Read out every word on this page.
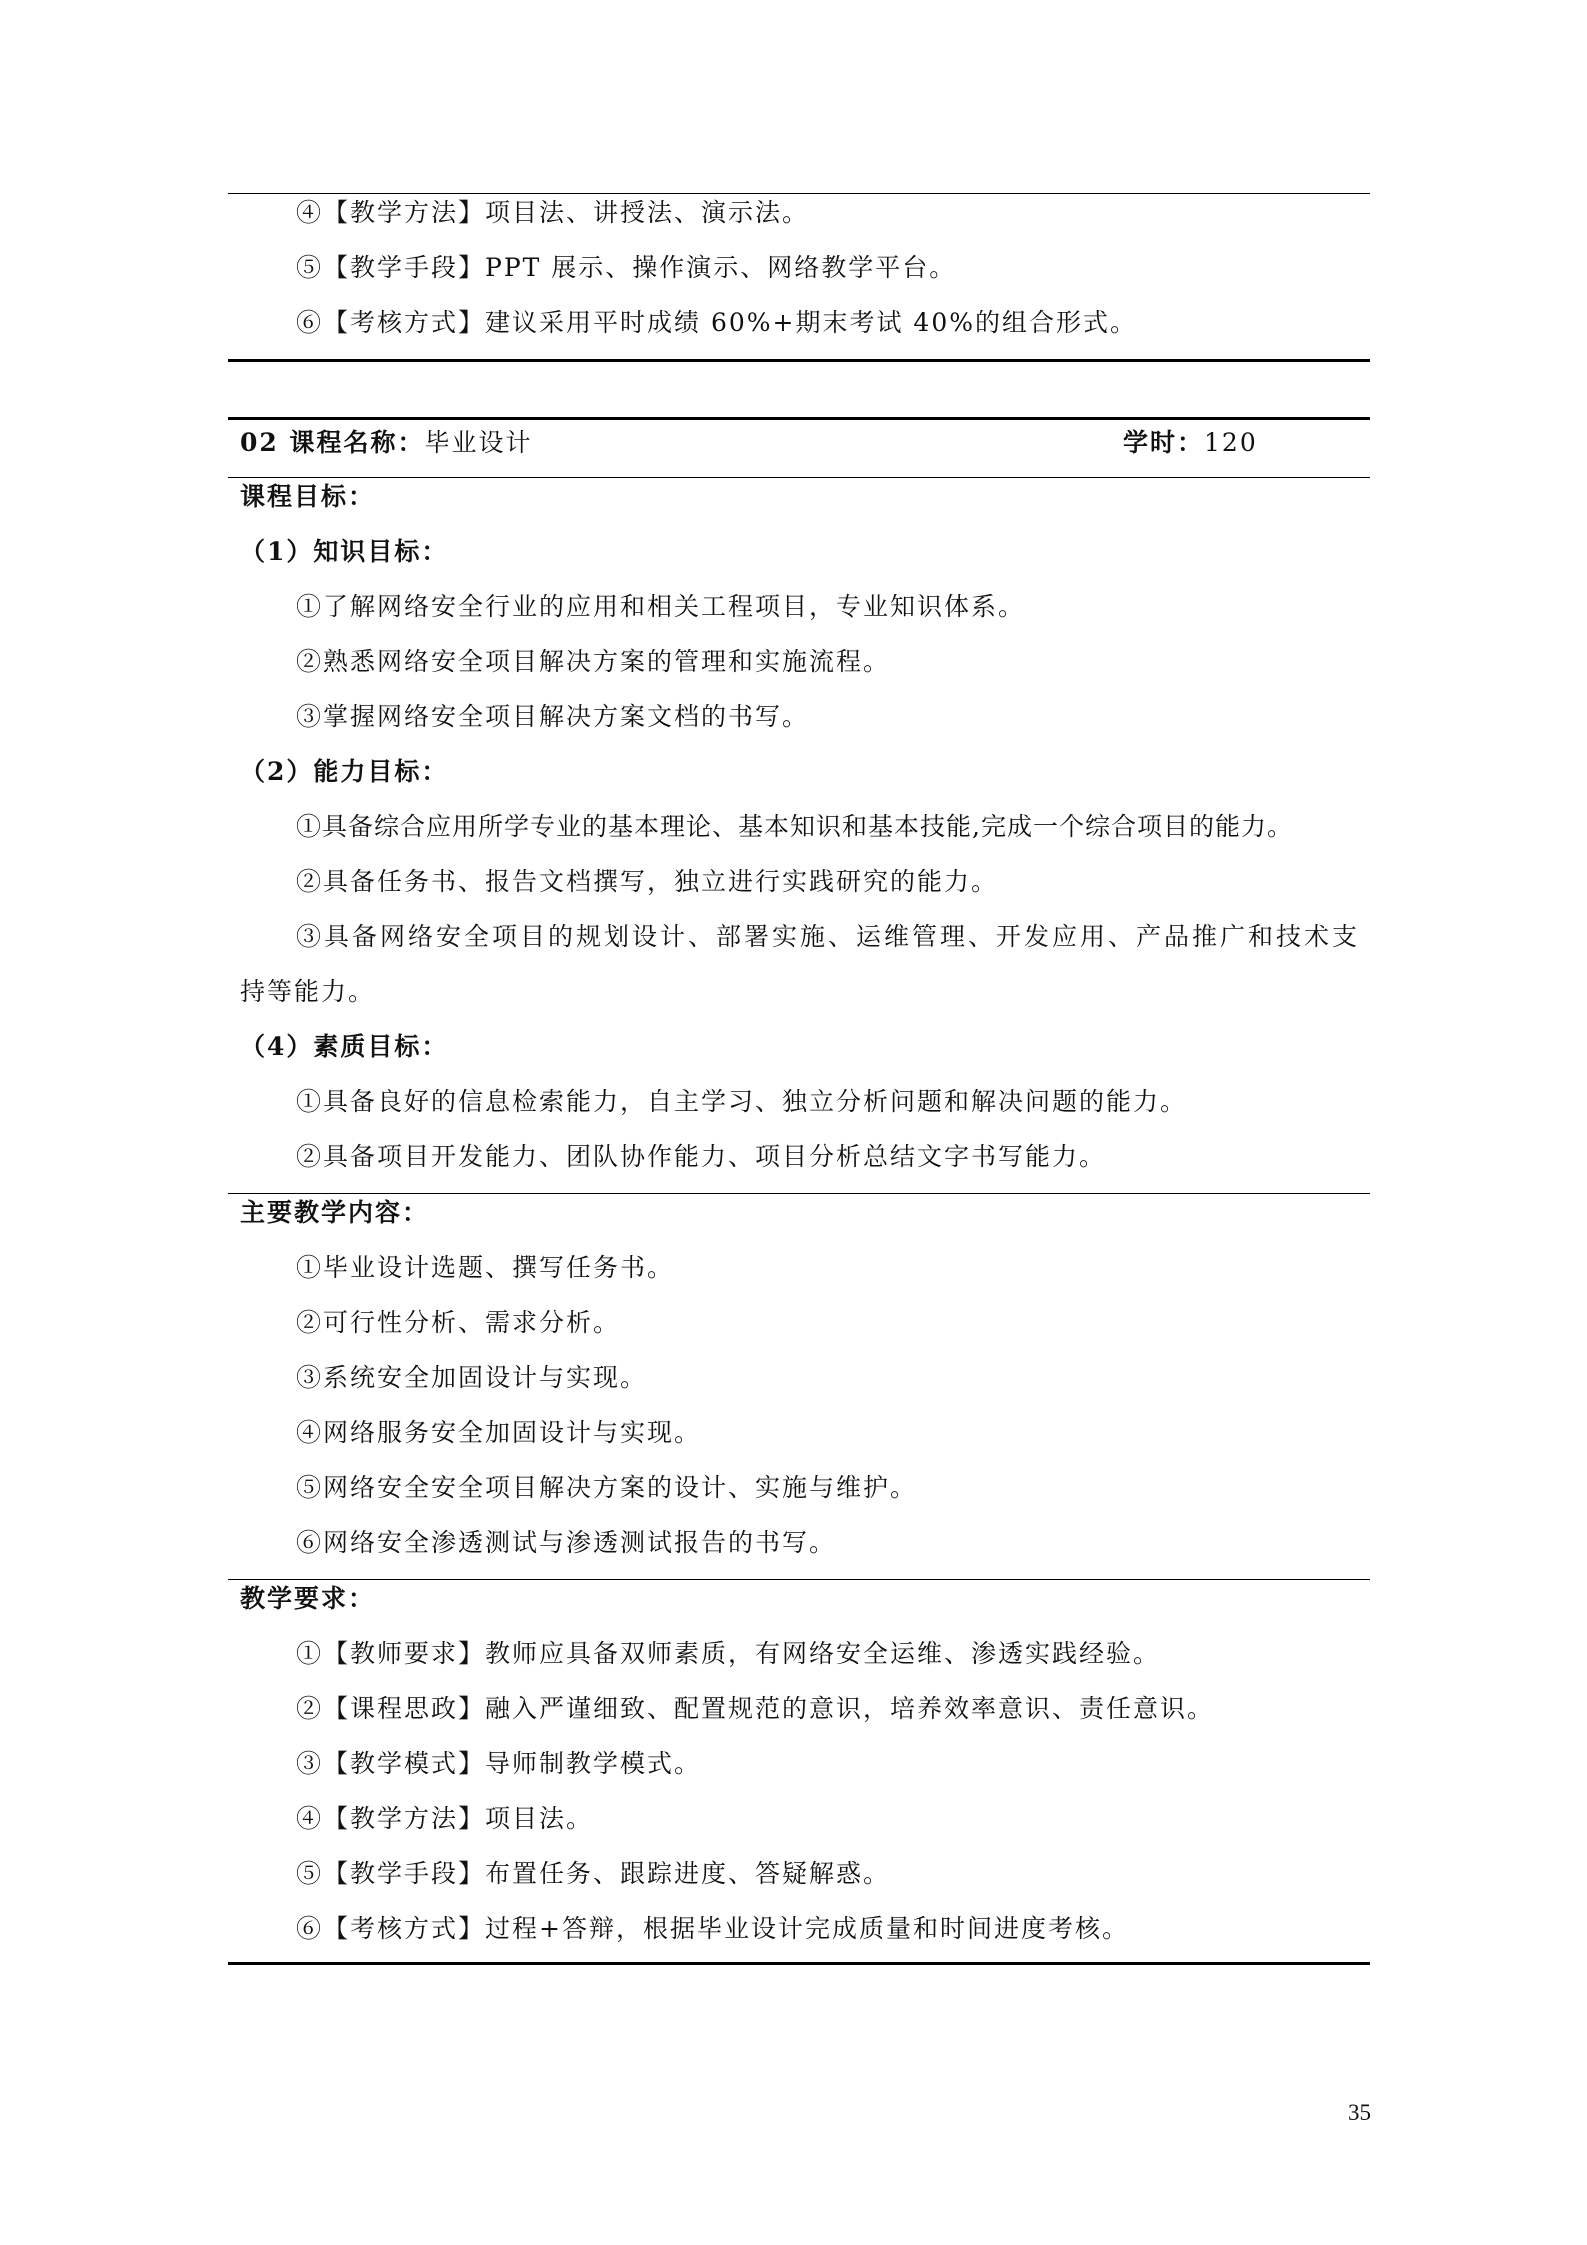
④【教学方法】项目法、讲授法、演示法。
⑤【教学手段】PPT 展示、操作演示、网络教学平台。
⑥【考核方式】建议采用平时成绩 60%+期末考试 40%的组合形式。
02 课程名称：毕业设计	学时：120
课程目标：
（1）知识目标：
①了解网络安全行业的应用和相关工程项目，专业知识体系。
②熟悉网络安全项目解决方案的管理和实施流程。
③掌握网络安全项目解决方案文档的书写。
（2）能力目标：
①具备综合应用所学专业的基本理论、基本知识和基本技能,完成一个综合项目的能力。
②具备任务书、报告文档撰写，独立进行实践研究的能力。
③具备网络安全项目的规划设计、部署实施、运维管理、开发应用、产品推广和技术支
持等能力。
（4）素质目标：
①具备良好的信息检索能力，自主学习、独立分析问题和解决问题的能力。
②具备项目开发能力、团队协作能力、项目分析总结文字书写能力。
主要教学内容：
①毕业设计选题、撰写任务书。
②可行性分析、需求分析。
③系统安全加固设计与实现。
④网络服务安全加固设计与实现。
⑤网络安全安全项目解决方案的设计、实施与维护。
⑥网络安全渗透测试与渗透测试报告的书写。
教学要求：
①【教师要求】教师应具备双师素质，有网络安全运维、渗透实践经验。
②【课程思政】融入严谨细致、配置规范的意识，培养效率意识、责任意识。
③【教学模式】导师制教学模式。
④【教学方法】项目法。
⑤【教学手段】布置任务、跟踪进度、答疑解惑。
⑥【考核方式】过程+答辩，根据毕业设计完成质量和时间进度考核。
35
